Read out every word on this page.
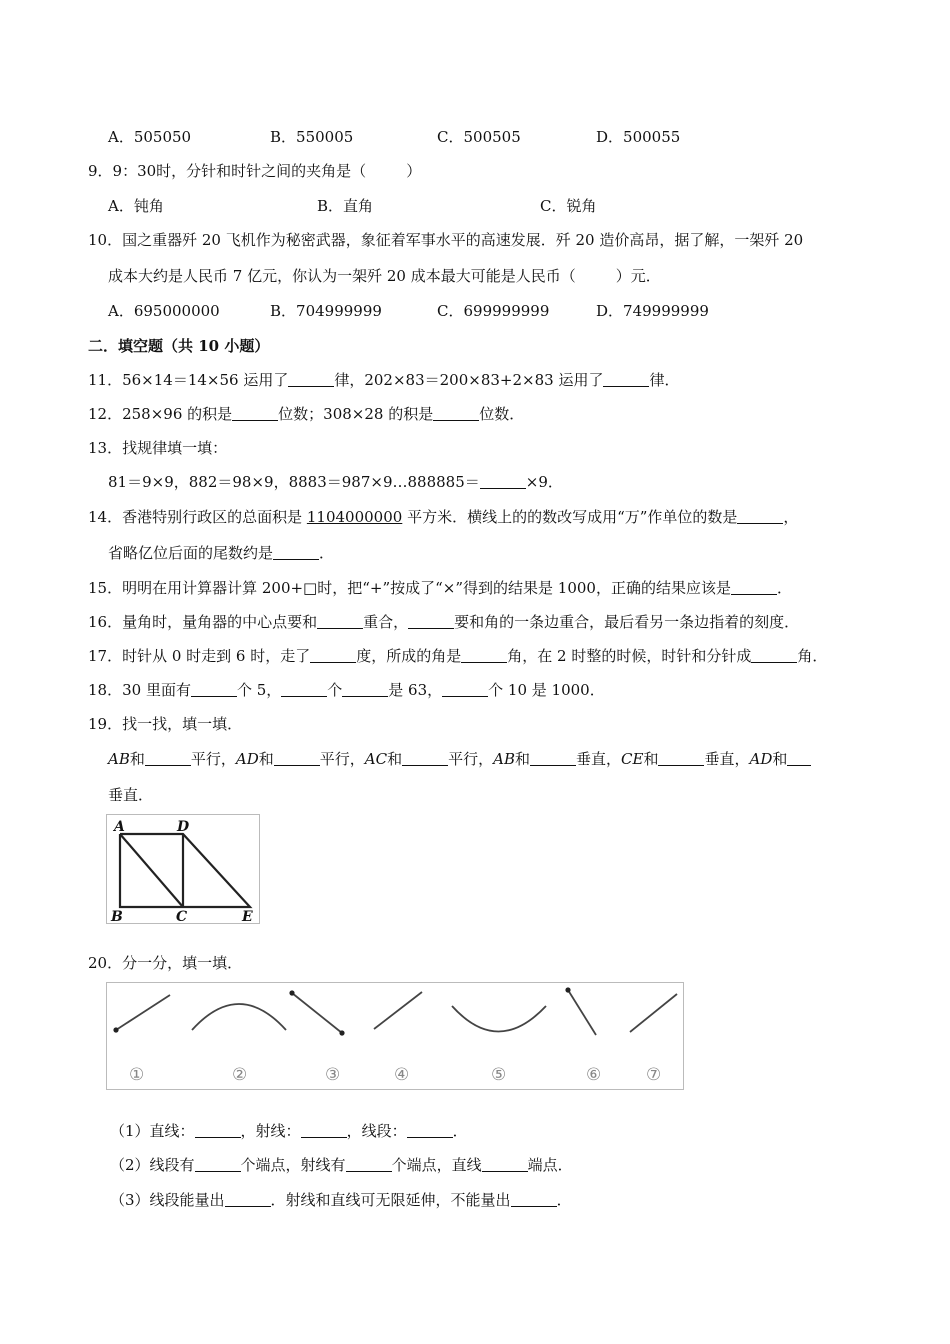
A．505050	B．550005	C．500505	D．500055
9．9：30时，分针和时针之间的夹角是（	）
A．钝角	B．直角	C．锐角
10．国之重器歼 20 飞机作为秘密武器，象征着军事水平的高速发展．歼 20 造价高昂，据了解，一架歼 20
成本大约是人民币 7 亿元，你认为一架歼 20 成本最大可能是人民币（	）元．
A．695000000	B．704999999	C．699999999	D．749999999
二．填空题（共 10 小题）
11．56×14＝14×56 运用了	律，202×83＝200×83+2×83 运用了	律．
12．258×96 的积是	位数；308×28 的积是	位数．
13．找规律填一填：
81＝9×9，882＝98×9，8883＝987×9…888885＝	×9．
14．香港特别行政区的总面积是 1104000000 平方米．横线上的的数改写成用“万”作单位的数是	，
省略亿位后面的尾数约是	．
15．明明在用计算器计算 200+□时，把“+”按成了“×”得到的结果是 1000，正确的结果应该是	．
16．量角时，量角器的中心点要和	重合，	要和角的一条边重合，最后看另一条边指着的刻度．
17．时针从 0 时走到 6 时，走了	度，所成的角是	角，在 2 时整的时候，时针和分针成	角．
18．30 里面有	个 5，	个	是 63，	个 10 是 1000．
19．找一找，填一填．
AB和	平行，AD和	平行，AC和	平行，AB和	垂直，CE和	垂直，AD和
垂直．
A	D
B	C	E
20．分一分，填一填．
①	②	③	④	⑤	⑥	⑦
（1）直线：	，射线：	，线段：	．
（2）线段有	个端点，射线有	个端点，直线	端点．
（3）线段能量出	．射线和直线可无限延伸，不能量出	．
